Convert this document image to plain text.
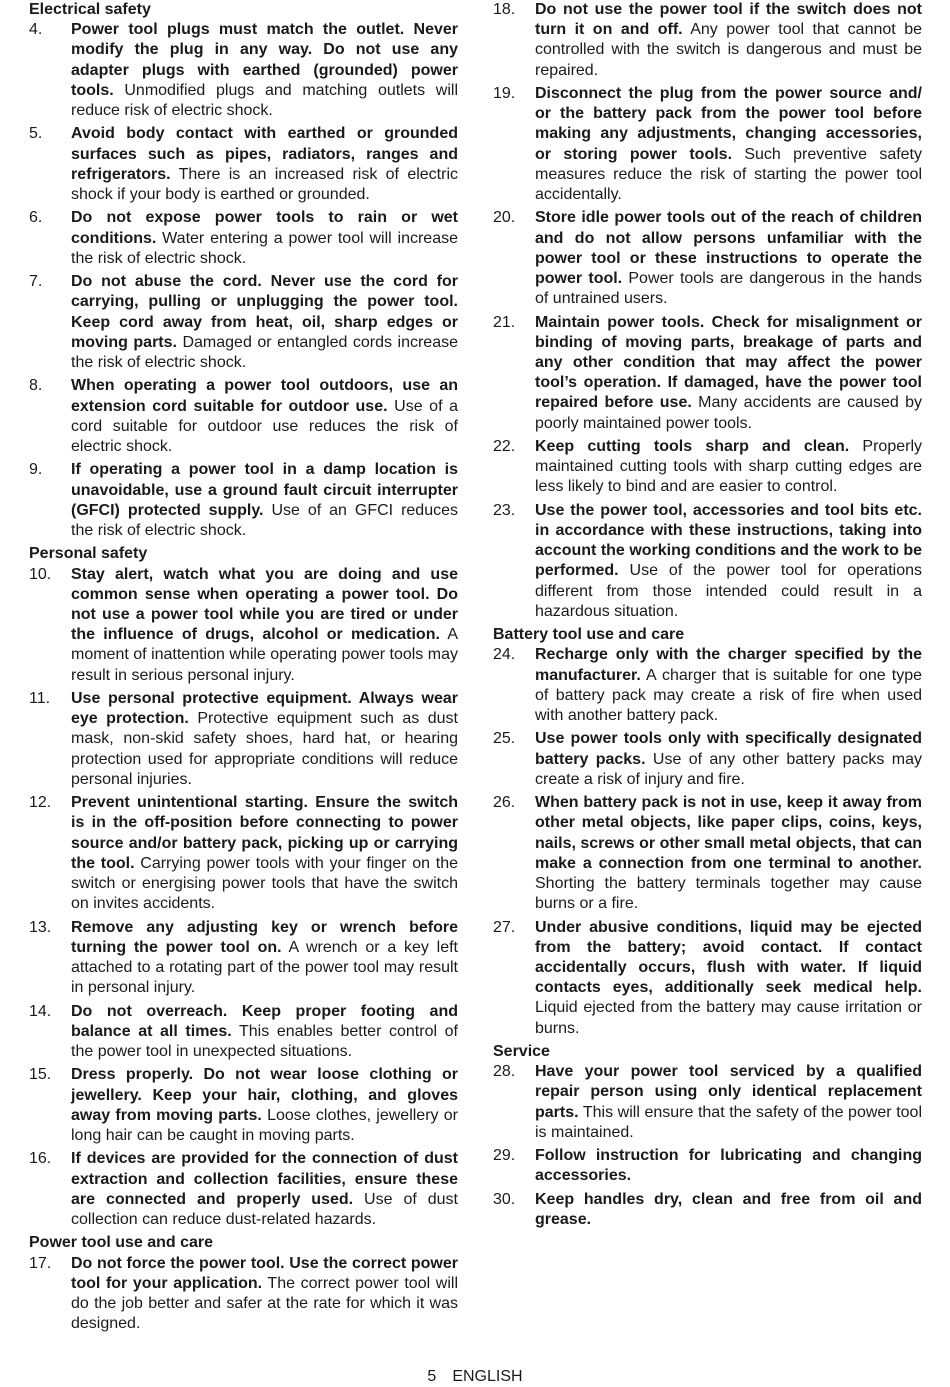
Electrical safety
4.	Power tool plugs must match the outlet. Never modify the plug in any way. Do not use any adapter plugs with earthed (grounded) power tools. Unmodified plugs and matching outlets will reduce risk of electric shock.
5.	Avoid body contact with earthed or grounded surfaces such as pipes, radiators, ranges and refrigerators. There is an increased risk of electric shock if your body is earthed or grounded.
6.	Do not expose power tools to rain or wet conditions. Water entering a power tool will increase the risk of electric shock.
7.	Do not abuse the cord. Never use the cord for carrying, pulling or unplugging the power tool. Keep cord away from heat, oil, sharp edges or moving parts. Damaged or entangled cords increase the risk of electric shock.
8.	When operating a power tool outdoors, use an extension cord suitable for outdoor use. Use of a cord suitable for outdoor use reduces the risk of electric shock.
9.	If operating a power tool in a damp location is unavoidable, use a ground fault circuit interrupter (GFCI) protected supply. Use of an GFCI reduces the risk of electric shock.
Personal safety
10.	Stay alert, watch what you are doing and use common sense when operating a power tool. Do not use a power tool while you are tired or under the influence of drugs, alcohol or medication. A moment of inattention while operating power tools may result in serious personal injury.
11.	Use personal protective equipment. Always wear eye protection. Protective equipment such as dust mask, non-skid safety shoes, hard hat, or hearing protection used for appropriate conditions will reduce personal injuries.
12.	Prevent unintentional starting. Ensure the switch is in the off-position before connecting to power source and/or battery pack, picking up or carrying the tool. Carrying power tools with your finger on the switch or energising power tools that have the switch on invites accidents.
13.	Remove any adjusting key or wrench before turning the power tool on. A wrench or a key left attached to a rotating part of the power tool may result in personal injury.
14.	Do not overreach. Keep proper footing and balance at all times. This enables better control of the power tool in unexpected situations.
15.	Dress properly. Do not wear loose clothing or jewellery. Keep your hair, clothing, and gloves away from moving parts. Loose clothes, jewellery or long hair can be caught in moving parts.
16.	If devices are provided for the connection of dust extraction and collection facilities, ensure these are connected and properly used. Use of dust collection can reduce dust-related hazards.
Power tool use and care
17.	Do not force the power tool. Use the correct power tool for your application. The correct power tool will do the job better and safer at the rate for which it was designed.
18.	Do not use the power tool if the switch does not turn it on and off. Any power tool that cannot be controlled with the switch is dangerous and must be repaired.
19.	Disconnect the plug from the power source and/ or the battery pack from the power tool before making any adjustments, changing accessories, or storing power tools. Such preventive safety measures reduce the risk of starting the power tool accidentally.
20.	Store idle power tools out of the reach of children and do not allow persons unfamiliar with the power tool or these instructions to operate the power tool. Power tools are dangerous in the hands of untrained users.
21.	Maintain power tools. Check for misalignment or binding of moving parts, breakage of parts and any other condition that may affect the power tool’s operation. If damaged, have the power tool repaired before use. Many accidents are caused by poorly maintained power tools.
22.	Keep cutting tools sharp and clean. Properly maintained cutting tools with sharp cutting edges are less likely to bind and are easier to control.
23.	Use the power tool, accessories and tool bits etc. in accordance with these instructions, taking into account the working conditions and the work to be performed. Use of the power tool for operations different from those intended could result in a hazardous situation.
Battery tool use and care
24.	Recharge only with the charger specified by the manufacturer. A charger that is suitable for one type of battery pack may create a risk of fire when used with another battery pack.
25.	Use power tools only with specifically designated battery packs. Use of any other battery packs may create a risk of injury and fire.
26.	When battery pack is not in use, keep it away from other metal objects, like paper clips, coins, keys, nails, screws or other small metal objects, that can make a connection from one terminal to another. Shorting the battery terminals together may cause burns or a fire.
27.	Under abusive conditions, liquid may be ejected from the battery; avoid contact. If contact accidentally occurs, flush with water. If liquid contacts eyes, additionally seek medical help. Liquid ejected from the battery may cause irritation or burns.
Service
28.	Have your power tool serviced by a qualified repair person using only identical replacement parts. This will ensure that the safety of the power tool is maintained.
29.	Follow instruction for lubricating and changing accessories.
30.	Keep handles dry, clean and free from oil and grease.
5 ENGLISH
